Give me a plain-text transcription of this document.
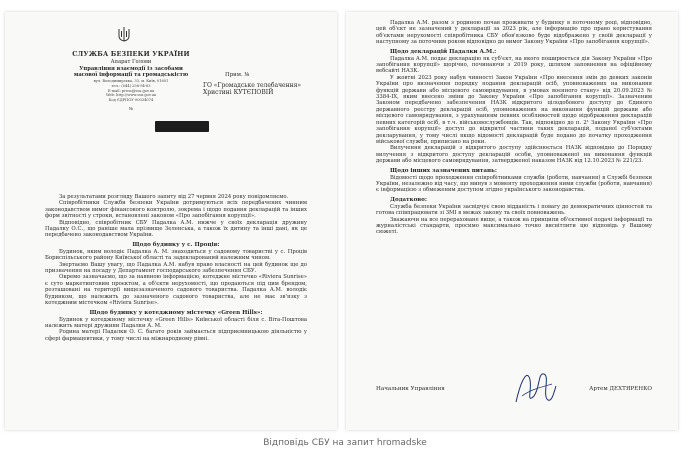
СЛУЖБА БЕЗПЕКИ УКРАЇНИ

Апарат Голови

Управління взаємодії із засобами масової інформації та громадськістю

вул. Володимирська, 33, м. Київ, 01601

тел.: (044) 256-94-83

E-mail: press@ssu.gov.ua

Web: http://www.ssu.gov.ua

Код ЄДРПОУ 00034074

№

Прим. №
ГО «Громадське телебачення»
Христині КУТЄПОВІЙ

За результатами розгляду Вашого запиту від 27 червня 2024 року повідомляємо.

Співробітники Служби безпеки України дотримуються всіх передбачених чинним законодавством вимог фінансового контролю, зокрема і щодо подання декларацій та інших форм звітності у строки, встановлені законом «Про запобігання корупції».

Відповідно, співробітник СБУ Падалка А.М. нижче у своїх декларація дружину Падалку О.С., що раніше мала прізвище Зеленська, а також їх дитину та інші дані, як це передбачено законодавством України.

Щодо будинку у с. Проців:

Будинок, яким володіє Падалка А. М. знаходиться у садовому товаристві у с. Проців Бориспільського району Київської області та задекларований належним чином.

Звертаємо Вашу увагу, що Падалка А.М. набув право власності на цей будинок ще до призначення на посаду у Департамент господарського забезпечення СБУ.

Окремо зазначаємо, що за наявною інформацією, котеджне містечко «Riviera Sunrise» є суто маркетинговим проєктом, а об'єкти нерухомості, що продаються під цим брендом, розташовані на території вищезазначеного садового товариства. Падалка А.М. володіє будинком, що належить до зазначеного садового товариства, але не має зв'язку з котеджним містечком «Riviera Sunrise».

Щодо будинку у котеджному містечку «Green Hills»:

Будинок у котеджному містечку «Green Hills» Київської області біля с. Віта-Поштова належить матері дружини Падалки А. М.

Родина матері Падалки О. С. багато років займається підприємницькою діяльністю у сфері фармацевтики, у тому числі на міжнародному рівні.

Падалка А.М. разом з родиною почав проживати у будинку в поточному році, відповідно, цей об'єкт не зазначений у декларації за 2023 рік, але інформацію про право користування об'єктами нерухомості співробітника СБУ обов'язково буде відображено у своїй декларації у наступному за поточним роком відповідно до вимог Закону України «Про запобігання корупції».

Щодо декларацій Падалки А.М.:

Падалка А.М. подає декларацію як суб'єкт, на якого поширюється дія Закону України «Про запобігання корупції» щорічно, починаючи з 2019 року, шляхом заповнення на офіційному вебсайті НАЗК.

У жовтні 2023 року набув чинності Закон України «Про внесення змін до деяких законів України про визначення порядку подання декларацій осіб, уповноважених на виконання функцій держави або місцевого самоврядування, в умовах воєнного стану» від 20.09.2023 № 3384-IX, яким внесено зміни до Закону України «Про запобігання корупції». Зазначеним Законом передбачено забезпечення НАЗК відкритого цілодобового доступу до Єдиного державного реєстру декларацій осіб, уповноважених на виконання функцій держави або місцевого самоврядування, з урахуванням певних особливостей щодо відображення декларацій певних категорій осіб, в т.ч. військовослужбовців. Так, відповідно до п. 2¹ Закону України «Про запобігання корупції» доступ до відкритої частини таких декларацій, поданої суб'єктами декларування, у тому числі якщо відомості декларацій буде подано до початку проходження військової служби, приписано на роки.

Вилучення декларацій з відкритого доступу здійснюється НАЗК відповідно до Порядку вилучення з відкритого доступу декларацій особи, уповноваженої на виконання функцій держави або місцевого самоврядування, затвердженої наказом НАЗК від 12.10.2023 № 221/23.

Щодо інших зазначених питань:

Відомості щодо проходження співробітниками служби (роботи, навчання) в Службі безпеки України, незалежно від часу, що минув з моменту проходження ними служби (роботи, навчання) є інформацією з обмеженим доступом згідно українського законодавства.

Додатково:

Служба безпеки України засвідчує свою відданість і повагу до демократичних цінностей та готова співпрацювати зі ЗМІ в межах закону та своїх повноважень.

Зважаючи на все перераховане вище, а також на принципи об'єктивної подачі інформації та журналістські стандарти, просимо максимально точно висвітлити цю відповідь у Вашому сюжеті.

Начальник Управління	Артем ДЕХТЯРЕНКО
Відповідь СБУ на запит hromadske
